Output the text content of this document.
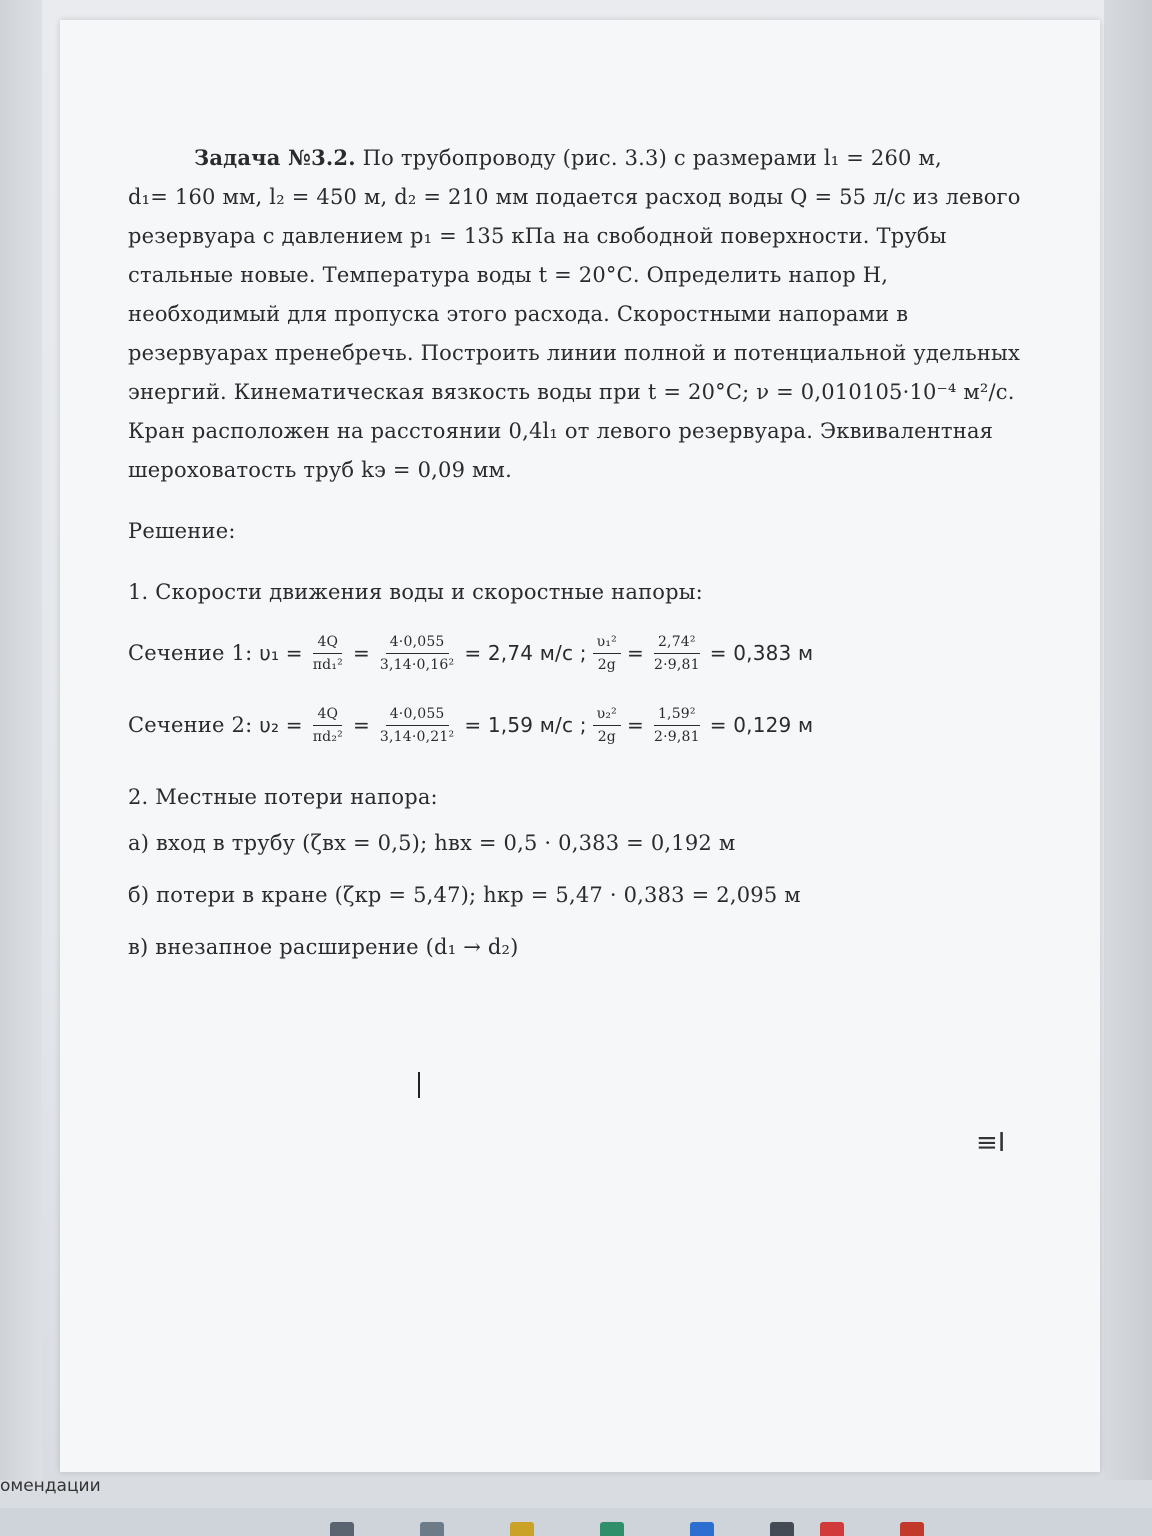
Задача №3.2. По трубопроводу (рис. 3.3) с размерами l₁ = 260 м,

d₁= 160 мм, l₂ = 450 м, d₂ = 210 мм подается расход воды Q = 55 л/с из левого

резервуара с давлением p₁ = 135 кПа на свободной поверхности. Трубы

стальные новые. Температура воды t = 20°С. Определить напор H,

необходимый для пропуска этого расхода. Скоростными напорами в

резервуарах пренебречь. Построить линии полной и потенциальной удельных

энергий. Кинематическая вязкость воды при t = 20°С; ν = 0,010105·10⁻⁴ м²/с.

Кран расположен на расстоянии 0,4l₁ от левого резервуара. Эквивалентная

шероховатость труб kэ = 0,09 мм.

Решение:
1. Скорости движения воды и скоростные напоры:
Сечение 1:
$\upsilon_1 = \frac{4Q}{\text{πd₁²}} = \frac{4\cdot 0,055}{\text{3,14·0,16²}} = 2,74$ м/с ; $\frac{\text{υ₁²}}{2g} = \frac{\text{2,74²}}{2\cdot 9,81} = 0,383$ м
Сечение 2:
$\upsilon_2 = \frac{4Q}{\text{πd₂²}} = \frac{4\cdot 0,055}{\text{3,14·0,21²}} = 1,59$ м/с ; $\frac{\text{υ₂²}}{2g} = \frac{\text{1,59²}}{2\cdot 9,81} = 0,129$ м
2. Местные потери напора:
а) вход в трубу (ζвх = 0,5); hвх = 0,5 · 0,383 = 0,192 м
б) потери в кране (ζкр = 5,47); hкр = 5,47 · 0,383 = 2,095 м
в) внезапное расширение (d₁ → d₂)
≡I
омендации
